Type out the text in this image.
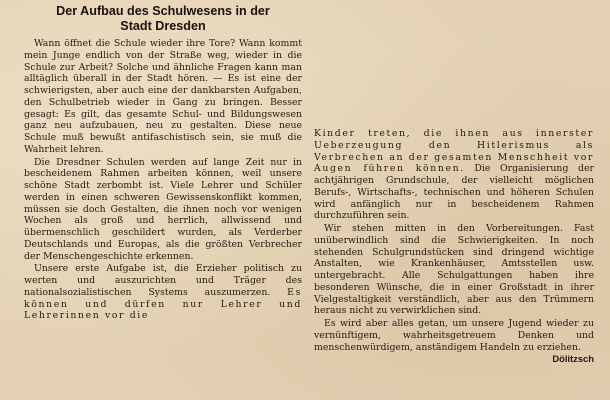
Der Aufbau des Schulwesens in der
Stadt Dresden

Wann öffnet die Schule wieder ihre Tore? Wann kommt mein Junge endlich von der Straße weg, wieder in die Schule zur Arbeit? Solche und ähnliche Fragen kann man alltäglich überall in der Stadt hören. — Es ist eine der schwierigsten, aber auch eine der dankbarsten Aufgaben, den Schulbetrieb wieder in Gang zu bringen. Besser gesagt: Es gilt, das gesamte Schul- und Bildungswesen ganz neu aufzubauen, neu zu gestalten. Diese neue Schule muß bewußt antifaschistisch sein, sie muß die Wahrheit lehren.

Die Dresdner Schulen werden auf lange Zeit nur in bescheidenem Rahmen arbeiten können, weil unsere schöne Stadt zerbombt ist. Viele Lehrer und Schüler werden in einen schweren Gewissenskonflikt kommen, müssen sie doch Gestalten, die ihnen noch vor wenigen Wochen als groß und herrlich, allwissend und übermenschlich geschildert wurden, als Verderber Deutschlands und Europas, als die größten Verbrecher der Menschengeschichte erkennen.

Unsere erste Aufgabe ist, die Erzieher politisch zu werten und auszurichten und Träger des nationalsozialistischen Systems auszumerzen. Es können und dürfen nur Lehrer und Lehrerinnen vor die

Kinder treten, die ihnen aus innerster Ueberzeugung den Hitlerismus als Verbrechen an der gesamten Menschheit vor Augen führen können. Die Organisierung der achtjährigen Grundschule, der vielleicht möglichen Berufs-, Wirtschafts-, technischen und höheren Schulen wird anfänglich nur in bescheidenem Rahmen durchzuführen sein.

Wir stehen mitten in den Vorbereitungen. Fast unüberwindlich sind die Schwierigkeiten. In noch stehenden Schulgrundstücken sind dringend wichtige Anstalten, wie Krankenhäuser, Amtsstellen usw. untergebracht. Alle Schulgattungen haben ihre besonderen Wünsche, die in einer Großstadt in ihrer Vielgestaltigkeit verständlich, aber aus den Trümmern heraus nicht zu verwirklichen sind.

Es wird aber alles getan, um unsere Jugend wieder zu vernünftigem, wahrheitsgetreuem Denken und menschenwürdigem, anständigem Handeln zu erziehen.
Dölitzsch
